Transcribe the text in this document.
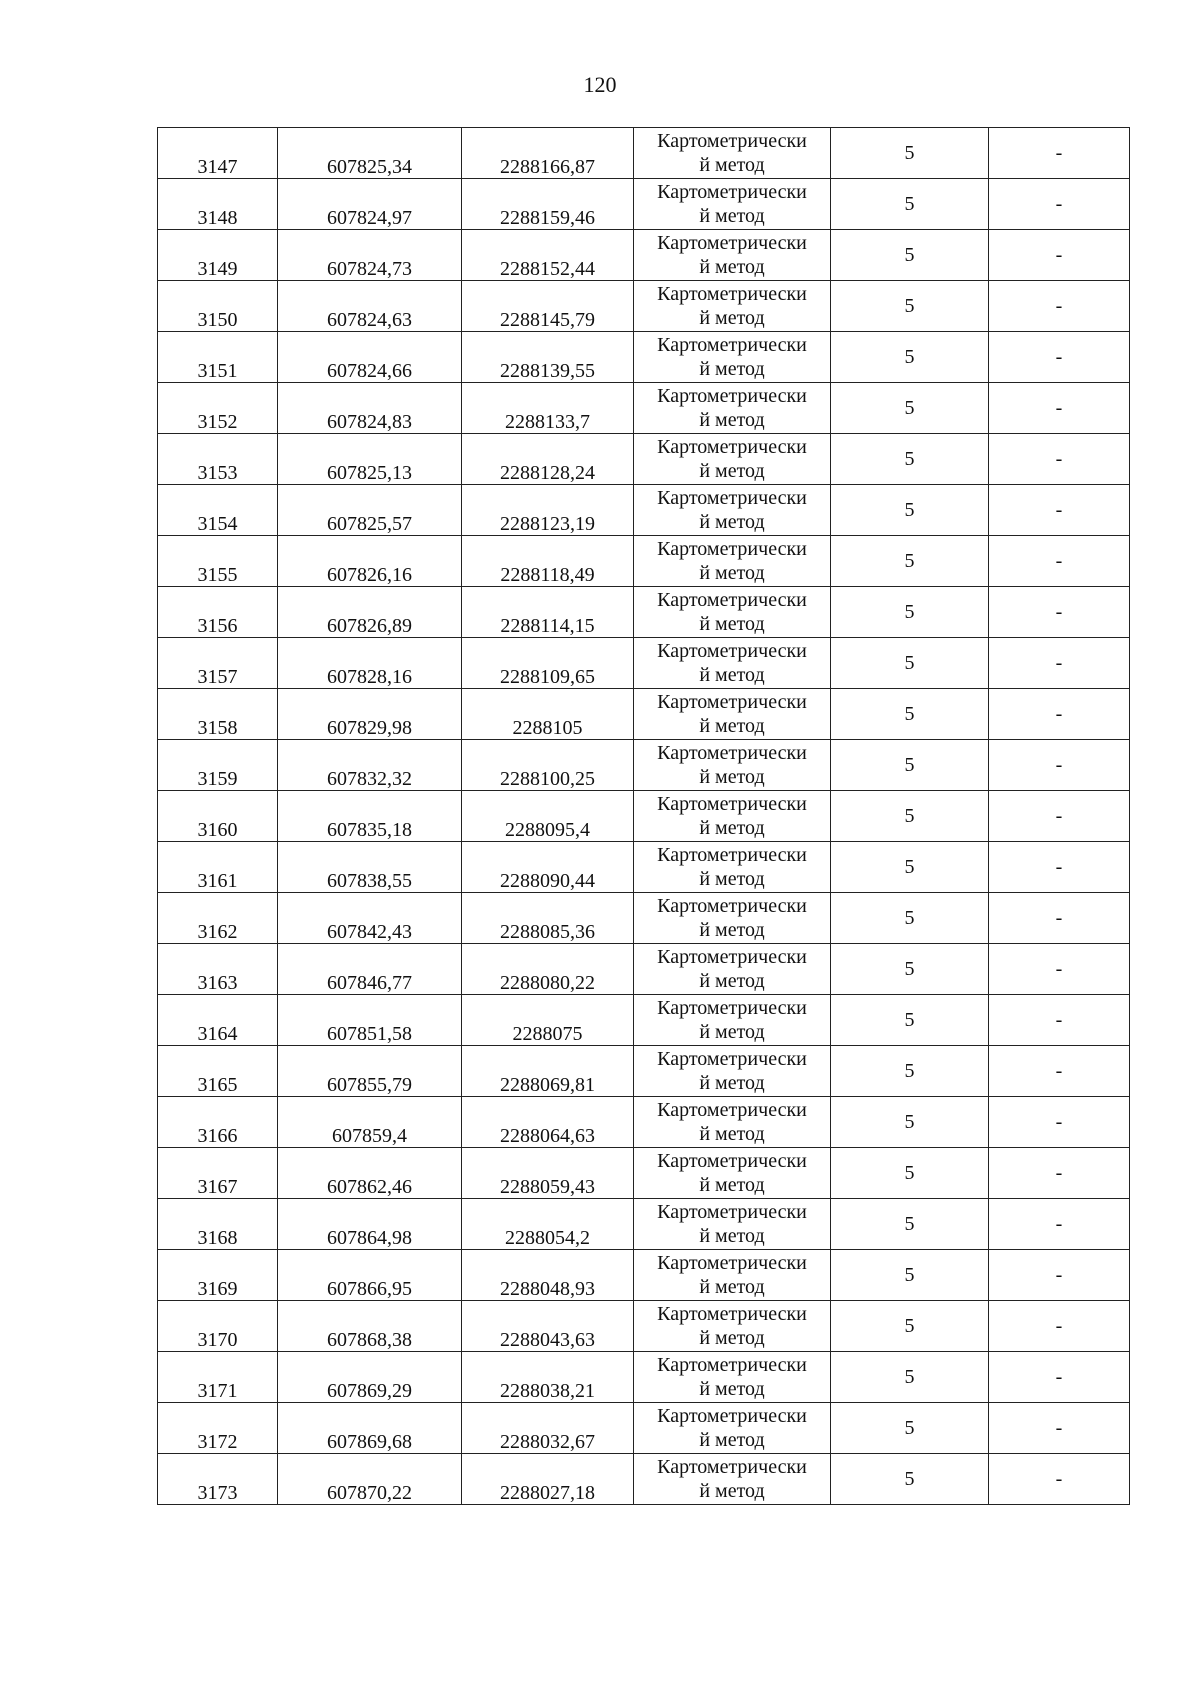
120
3147	607825,34	2288166,87	Картометрически
й метод	5	-
3148	607824,97	2288159,46	Картометрически
й метод	5	-
3149	607824,73	2288152,44	Картометрически
й метод	5	-
3150	607824,63	2288145,79	Картометрически
й метод	5	-
3151	607824,66	2288139,55	Картометрически
й метод	5	-
3152	607824,83	2288133,7	Картометрически
й метод	5	-
3153	607825,13	2288128,24	Картометрически
й метод	5	-
3154	607825,57	2288123,19	Картометрически
й метод	5	-
3155	607826,16	2288118,49	Картометрически
й метод	5	-
3156	607826,89	2288114,15	Картометрически
й метод	5	-
3157	607828,16	2288109,65	Картометрически
й метод	5	-
3158	607829,98	2288105	Картометрически
й метод	5	-
3159	607832,32	2288100,25	Картометрически
й метод	5	-
3160	607835,18	2288095,4	Картометрически
й метод	5	-
3161	607838,55	2288090,44	Картометрически
й метод	5	-
3162	607842,43	2288085,36	Картометрически
й метод	5	-
3163	607846,77	2288080,22	Картометрически
й метод	5	-
3164	607851,58	2288075	Картометрически
й метод	5	-
3165	607855,79	2288069,81	Картометрически
й метод	5	-
3166	607859,4	2288064,63	Картометрически
й метод	5	-
3167	607862,46	2288059,43	Картометрически
й метод	5	-
3168	607864,98	2288054,2	Картометрически
й метод	5	-
3169	607866,95	2288048,93	Картометрически
й метод	5	-
3170	607868,38	2288043,63	Картометрически
й метод	5	-
3171	607869,29	2288038,21	Картометрически
й метод	5	-
3172	607869,68	2288032,67	Картометрически
й метод	5	-
3173	607870,22	2288027,18	Картометрически
й метод	5	-
